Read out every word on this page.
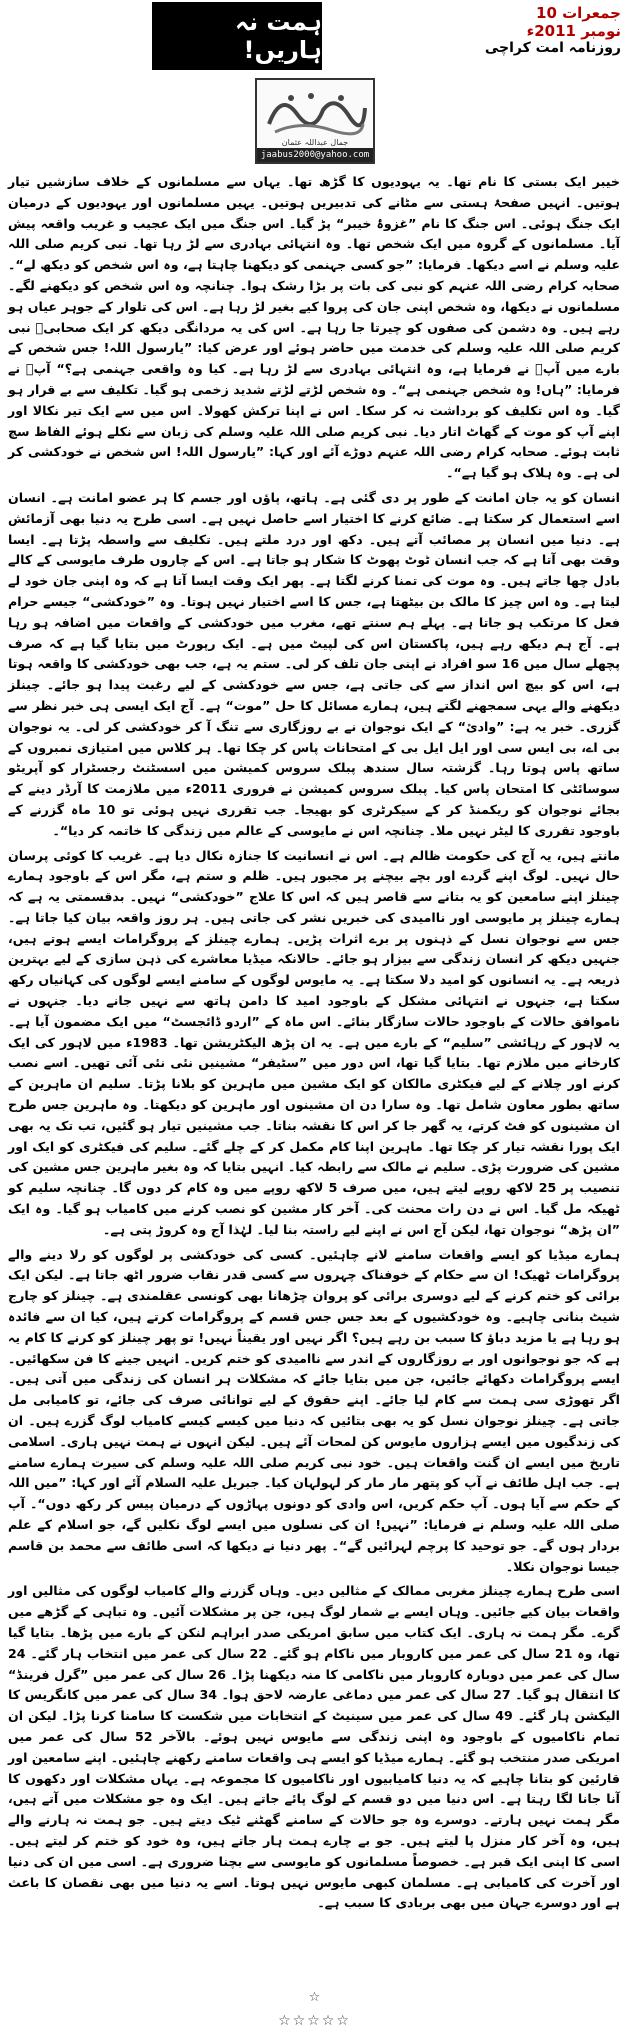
جمعرات 10 نومبر 2011ء
ہمت نہ ہاریں!	روزنامہ امت کراچی
جمال عبداللہ عثمان
jaabus2000@yahoo.com

خیبر ایک بستی کا نام تھا۔ یہ یہودیوں کا گڑھ تھا۔ یہاں سے مسلمانوں کے خلاف سازشیں تیار ہوتیں۔ انہیں صفحۂ ہستی سے مٹانے کی تدبیریں ہوتیں۔ یہیں مسلمانوں اور یہودیوں کے درمیان ایک جنگ ہوئی۔ اس جنگ کا نام ”غزوۂ خیبر“ پڑ گیا۔ اس جنگ میں ایک عجیب و غریب واقعہ پیش آیا۔ مسلمانوں کے گروہ میں ایک شخص تھا۔ وہ انتہائی بہادری سے لڑ رہا تھا۔ نبی کریم صلی اللہ علیہ وسلم نے اسے دیکھا۔ فرمایا: ”جو کسی جہنمی کو دیکھنا چاہتا ہے، وہ اس شخص کو دیکھ لے“۔ صحابہ کرام رضی اللہ عنہم کو نبی کی بات پر بڑا رشک ہوا۔ چنانچہ وہ اس شخص کو دیکھنے لگے۔ مسلمانوں نے دیکھا، وہ شخص اپنی جان کی پروا کیے بغیر لڑ رہا ہے۔ اس کی تلوار کے جوہر عیاں ہو رہے ہیں۔ وہ دشمن کی صفوں کو چیرتا جا رہا ہے۔ اس کی یہ مردانگی دیکھ کر ایک صحابیؓ نبی کریم صلی اللہ علیہ وسلم کی خدمت میں حاضر ہوئے اور عرض کیا: ”یارسول اللہ! جس شخص کے بارے میں آپؐ نے فرمایا ہے، وہ انتہائی بہادری سے لڑ رہا ہے۔ کیا وہ واقعی جہنمی ہے؟“ آپؐ نے فرمایا: ”ہاں! وہ شخص جہنمی ہے“۔ وہ شخص لڑتے لڑتے شدید زخمی ہو گیا۔ تکلیف سے بے قرار ہو گیا۔ وہ اس تکلیف کو برداشت نہ کر سکا۔ اس نے اپنا ترکش کھولا۔ اس میں سے ایک تیر نکالا اور اپنے آپ کو موت کے گھاٹ اتار دیا۔ نبی کریم صلی اللہ علیہ وسلم کی زبان سے نکلے ہوئے الفاظ سچ ثابت ہوئے۔ صحابہ کرام رضی اللہ عنہم دوڑے آئے اور کہا: ”یارسول اللہ! اس شخص نے خودکشی کر لی ہے۔ وہ ہلاک ہو گیا ہے“۔

انسان کو یہ جان امانت کے طور پر دی گئی ہے۔ ہاتھ، پاؤں اور جسم کا ہر عضو امانت ہے۔ انسان اسے استعمال کر سکتا ہے۔ ضائع کرنے کا اختیار اسے حاصل نہیں ہے۔ اسی طرح یہ دنیا بھی آزمائش ہے۔ دنیا میں انسان پر مصائب آتے ہیں۔ دکھ اور درد ملتے ہیں۔ تکلیف سے واسطہ پڑتا ہے۔ ایسا وقت بھی آتا ہے کہ جب انسان ٹوٹ پھوٹ کا شکار ہو جاتا ہے۔ اس کے چاروں طرف مایوسی کے کالے بادل چھا جاتے ہیں۔ وہ موت کی تمنا کرنے لگتا ہے۔ پھر ایک وقت ایسا آتا ہے کہ وہ اپنی جان خود لے لیتا ہے۔ وہ اس چیز کا مالک بن بیٹھتا ہے، جس کا اسے اختیار نہیں ہوتا۔ وہ ”خودکشی“ جیسے حرام فعل کا مرتکب ہو جاتا ہے۔ پہلے ہم سنتے تھے، مغرب میں خودکشی کے واقعات میں اضافہ ہو رہا ہے۔ آج ہم دیکھ رہے ہیں، پاکستان اس کی لپیٹ میں ہے۔ ایک رپورٹ میں بتایا گیا ہے کہ صرف پچھلے سال میں 16 سو افراد نے اپنی جان تلف کر لی۔ ستم یہ ہے، جب بھی خودکشی کا واقعہ ہوتا ہے، اس کو بیچ اس انداز سے کی جاتی ہے، جس سے خودکشی کے لیے رغبت پیدا ہو جائے۔ چینلز دیکھنے والے یہی سمجھنے لگتے ہیں، ہمارے مسائل کا حل ”موت“ ہے۔ آج ایک ایسی ہی خبر نظر سے گزری۔ خبر یہ ہے: ”وادیٔ“ کے ایک نوجوان نے بے روزگاری سے تنگ آ کر خودکشی کر لی۔ یہ نوجوان بی اے، بی ایس سی اور ایل ایل بی کے امتحانات پاس کر چکا تھا۔ ہر کلاس میں امتیازی نمبروں کے ساتھ پاس ہوتا رہا۔ گزشتہ سال سندھ پبلک سروس کمیشن میں اسسٹنٹ رجسٹرار کو آپریٹو سوسائٹی کا امتحان پاس کیا۔ پبلک سروس کمیشن نے فروری 2011ء میں ملازمت کا آرڈر دینے کے بجائے نوجوان کو ریکمنڈ کر کے سیکرٹری کو بھیجا۔ جب تقرری نہیں ہوئی تو 10 ماہ گزرنے کے باوجود تقرری کا لیٹر نہیں ملا۔ چنانچہ اس نے مایوسی کے عالم میں زندگی کا خاتمہ کر دیا“۔

مانتے ہیں، یہ آج کی حکومت ظالم ہے۔ اس نے انسانیت کا جنازہ نکال دیا ہے۔ غریب کا کوئی پرسان حال نہیں۔ لوگ اپنے گردے اور بچے بیچنے پر مجبور ہیں۔ ظلم و ستم ہے، مگر اس کے باوجود ہمارے چینلز اپنے سامعین کو یہ بتانے سے قاصر ہیں کہ اس کا علاج ”خودکشی“ نہیں۔ بدقسمتی یہ ہے کہ ہمارے چینلز پر مایوسی اور ناامیدی کی خبریں نشر کی جاتی ہیں۔ ہر روز واقعہ بیان کیا جاتا ہے۔ جس سے نوجوان نسل کے ذہنوں پر برے اثرات پڑیں۔ ہمارے چینلز کے پروگرامات ایسے ہوتے ہیں، جنہیں دیکھ کر انسان زندگی سے بیزار ہو جائے۔ حالانکہ میڈیا معاشرے کی ذہن سازی کے لیے بہترین ذریعہ ہے۔ یہ انسانوں کو امید دلا سکتا ہے۔ یہ مایوس لوگوں کے سامنے ایسے لوگوں کی کہانیاں رکھ سکتا ہے، جنہوں نے انتہائی مشکل کے باوجود امید کا دامن ہاتھ سے نہیں جانے دیا۔ جنہوں نے ناموافق حالات کے باوجود حالات سازگار بنائے۔ اس ماہ کے ”اردو ڈائجسٹ“ میں ایک مضمون آیا ہے۔ یہ لاہور کے رہائشی ”سلیم“ کے بارے میں ہے۔ یہ ان پڑھ الیکٹریشن تھا۔ 1983ء میں لاہور کی ایک کارخانے میں ملازم تھا۔ بتایا گیا تھا، اس دور میں ”سٹیفر“ مشینیں نئی نئی آئی تھیں۔ اسے نصب کرنے اور چلانے کے لیے فیکٹری مالکان کو ایک مشین میں ماہرین کو بلانا پڑتا۔ سلیم ان ماہرین کے ساتھ بطور معاون شامل تھا۔ وہ سارا دن ان مشینوں اور ماہرین کو دیکھتا۔ وہ ماہرین جس طرح ان مشینوں کو فٹ کرتے، یہ گھر جا کر اس کا نقشہ بناتا۔ جب مشینیں تیار ہو گئیں، تب تک یہ بھی ایک پورا نقشہ تیار کر چکا تھا۔ ماہرین اپنا کام مکمل کر کے چلے گئے۔ سلیم کی فیکٹری کو ایک اور مشین کی ضرورت پڑی۔ سلیم نے مالک سے رابطہ کیا۔ انہیں بتایا کہ وہ بغیر ماہرین جس مشین کی تنصیب پر 25 لاکھ روپے لیتے ہیں، میں صرف 5 لاکھ روپے میں وہ کام کر دوں گا۔ چنانچہ سلیم کو ٹھیکہ مل گیا۔ اس نے دن رات محنت کی۔ آخر کار مشین کو نصب کرنے میں کامیاب ہو گیا۔ وہ ایک ”ان پڑھ“ نوجوان تھا، لیکن آج اس نے اپنے لیے راستہ بنا لیا۔ لہٰذا آج وہ کروڑ پتی ہے۔

ہمارے میڈیا کو ایسے واقعات سامنے لانے چاہئیں۔ کسی کی خودکشی پر لوگوں کو رلا دینے والے پروگرامات ٹھیک! ان سے حکام کے خوفناک چہروں سے کسی قدر نقاب ضرور اٹھ جاتا ہے۔ لیکن ایک برائی کو ختم کرنے کے لیے دوسری برائی کو پروان چڑھانا بھی کونسی عقلمندی ہے۔ چینلز کو چارج شیٹ بنانی چاہیے۔ وہ خودکشیوں کے بعد جس جس قسم کے پروگرامات کرتے ہیں، کیا ان سے فائدہ ہو رہا ہے یا مزید دباؤ کا سبب بن رہے ہیں؟ اگر نہیں اور یقیناً نہیں! تو پھر چینلز کو کرنے کا کام یہ ہے کہ جو نوجوانوں اور بے روزگاروں کے اندر سے ناامیدی کو ختم کریں۔ انہیں جینے کا فن سکھائیں۔ ایسے پروگرامات دکھائے جائیں، جن میں بتایا جائے کہ مشکلات ہر انسان کی زندگی میں آتی ہیں۔ اگر تھوڑی سی ہمت سے کام لیا جائے۔ اپنے حقوق کے لیے توانائی صرف کی جائے، تو کامیابی مل جاتی ہے۔ چینلز نوجوان نسل کو یہ بھی بتائیں کہ دنیا میں کیسے کیسے کامیاب لوگ گزرے ہیں۔ ان کی زندگیوں میں ایسے ہزاروں مایوس کن لمحات آئے ہیں۔ لیکن انہوں نے ہمت نہیں ہاری۔ اسلامی تاریخ میں ایسے ان گنت واقعات ہیں۔ خود نبی کریم صلی اللہ علیہ وسلم کی سیرت ہمارے سامنے ہے۔ جب اہل طائف نے آپ کو پتھر مار مار کر لہولہان کیا۔ جبریل علیہ السلام آئے اور کہا: ”میں اللہ کے حکم سے آیا ہوں۔ آپ حکم کریں، اس وادی کو دونوں پہاڑوں کے درمیان پیس کر رکھ دوں“۔ آپ صلی اللہ علیہ وسلم نے فرمایا: ”نہیں! ان کی نسلوں میں ایسے لوگ نکلیں گے، جو اسلام کے علم بردار ہوں گے۔ جو توحید کا پرچم لہرائیں گے“۔ پھر دنیا نے دیکھا کہ اسی طائف سے محمد بن قاسم جیسا نوجوان نکلا۔

اسی طرح ہمارے چینلز مغربی ممالک کے مثالیں دیں۔ وہاں گزرنے والے کامیاب لوگوں کی مثالیں اور واقعات بیان کیے جائیں۔ وہاں ایسے بے شمار لوگ ہیں، جن پر مشکلات آئیں۔ وہ تباہی کے گڑھے میں گرے۔ مگر ہمت نہ ہاری۔ ایک کتاب میں سابق امریکی صدر ابراہم لنکن کے بارے میں پڑھا۔ بتایا گیا تھا، وہ 21 سال کی عمر میں کاروبار میں ناکام ہو گئے۔ 22 سال کی عمر میں انتخاب ہار گئے۔ 24 سال کی عمر میں دوبارہ کاروبار میں ناکامی کا منہ دیکھنا پڑا۔ 26 سال کی عمر میں ”گرل فرینڈ“ کا انتقال ہو گیا۔ 27 سال کی عمر میں دماغی عارضہ لاحق ہوا۔ 34 سال کی عمر میں کانگریس کا الیکشن ہار گئے۔ 49 سال کی عمر میں سینیٹ کے انتخابات میں شکست کا سامنا کرنا پڑا۔ لیکن ان تمام ناکامیوں کے باوجود وہ اپنی زندگی سے مایوس نہیں ہوئے۔ بالآخر 52 سال کی عمر میں امریکی صدر منتخب ہو گئے۔ ہمارے میڈیا کو ایسے ہی واقعات سامنے رکھنے چاہئیں۔ اپنے سامعین اور قارئین کو بتانا چاہیے کہ یہ دنیا کامیابیوں اور ناکامیوں کا مجموعہ ہے۔ یہاں مشکلات اور دکھوں کا آنا جانا لگا رہتا ہے۔ اس دنیا میں دو قسم کے لوگ پائے جاتے ہیں۔ ایک وہ جو مشکلات میں آتے ہیں، مگر ہمت نہیں ہارتے۔ دوسرے وہ جو حالات کے سامنے گھٹنے ٹیک دیتے ہیں۔ جو ہمت نہ ہارنے والے ہیں، وہ آخر کار منزل پا لیتے ہیں۔ جو بے چارے ہمت ہار جاتے ہیں، وہ خود کو ختم کر لیتے ہیں۔ اسی کا اپنی ایک قبر ہے۔ خصوصاً مسلمانوں کو مایوسی سے بچنا ضروری ہے۔ اسی میں ان کی دنیا اور آخرت کی کامیابی ہے۔ مسلمان کبھی مایوس نہیں ہوتا۔ اسے یہ دنیا میں بھی نقصان کا باعث ہے اور دوسرے جہان میں بھی بربادی کا سبب ہے۔

☆
☆☆☆☆☆
